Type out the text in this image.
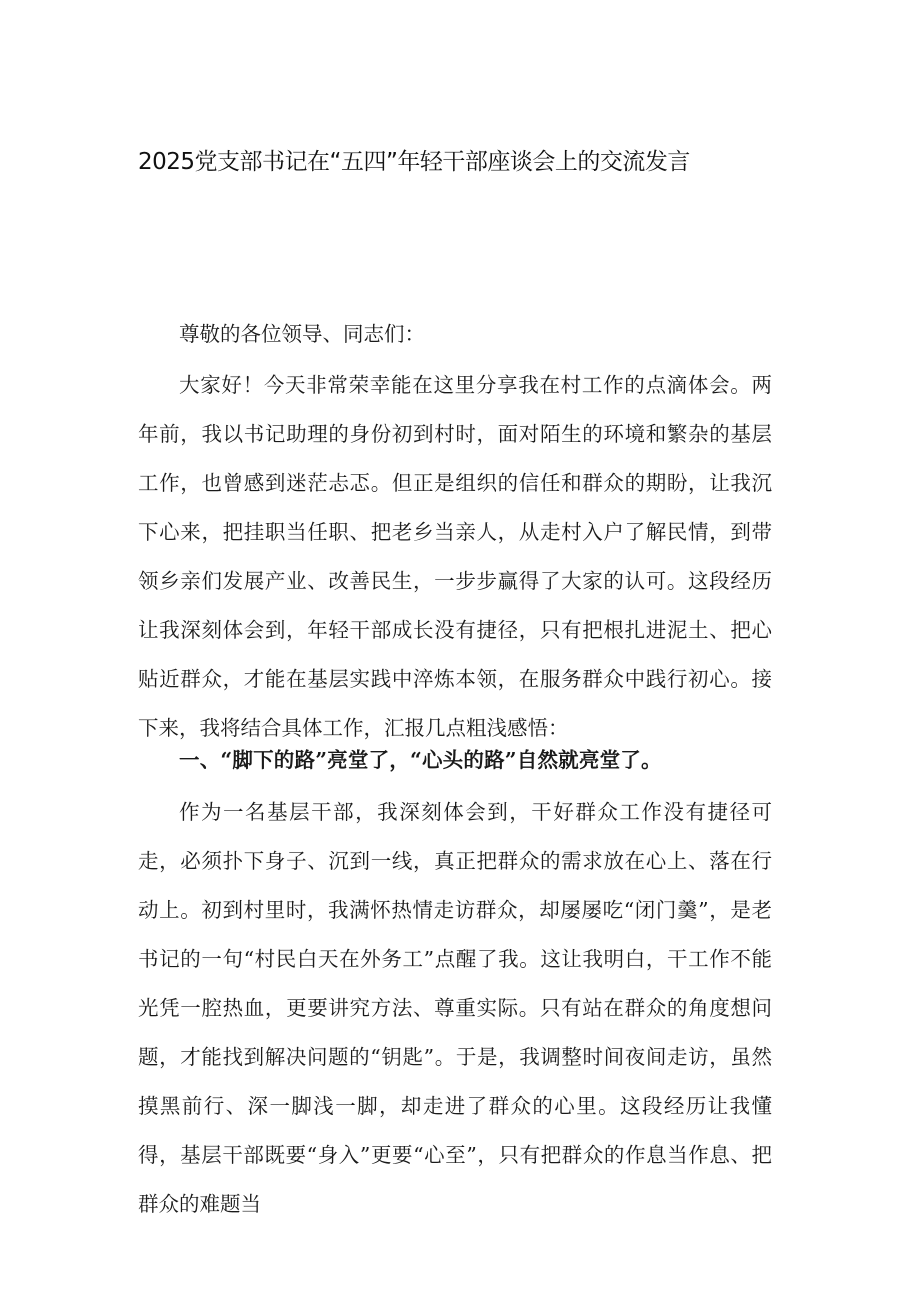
2025党支部书记在“五四”年轻干部座谈会上的交流发言
尊敬的各位领导、同志们：
大家好！今天非常荣幸能在这里分享我在村工作的点滴体会。两年前，我以书记助理的身份初到村时，面对陌生的环境和繁杂的基层工作，也曾感到迷茫忐忑。但正是组织的信任和群众的期盼，让我沉下心来，把挂职当任职、把老乡当亲人，从走村入户了解民情，到带领乡亲们发展产业、改善民生，一步步赢得了大家的认可。这段经历让我深刻体会到，年轻干部成长没有捷径，只有把根扎进泥土、把心贴近群众，才能在基层实践中淬炼本领，在服务群众中践行初心。接下来，我将结合具体工作，汇报几点粗浅感悟：
一、“脚下的路”亮堂了，“心头的路”自然就亮堂了。
作为一名基层干部，我深刻体会到，干好群众工作没有捷径可走，必须扑下身子、沉到一线，真正把群众的需求放在心上、落在行动上。初到村里时，我满怀热情走访群众，却屡屡吃“闭门羹”，是老书记的一句“村民白天在外务工”点醒了我。这让我明白，干工作不能光凭一腔热血，更要讲究方法、尊重实际。只有站在群众的角度想问题，才能找到解决问题的“钥匙”。于是，我调整时间夜间走访，虽然摸黑前行、深一脚浅一脚，却走进了群众的心里。这段经历让我懂得，基层干部既要“身入”更要“心至”，只有把群众的作息当作息、把群众的难题当
